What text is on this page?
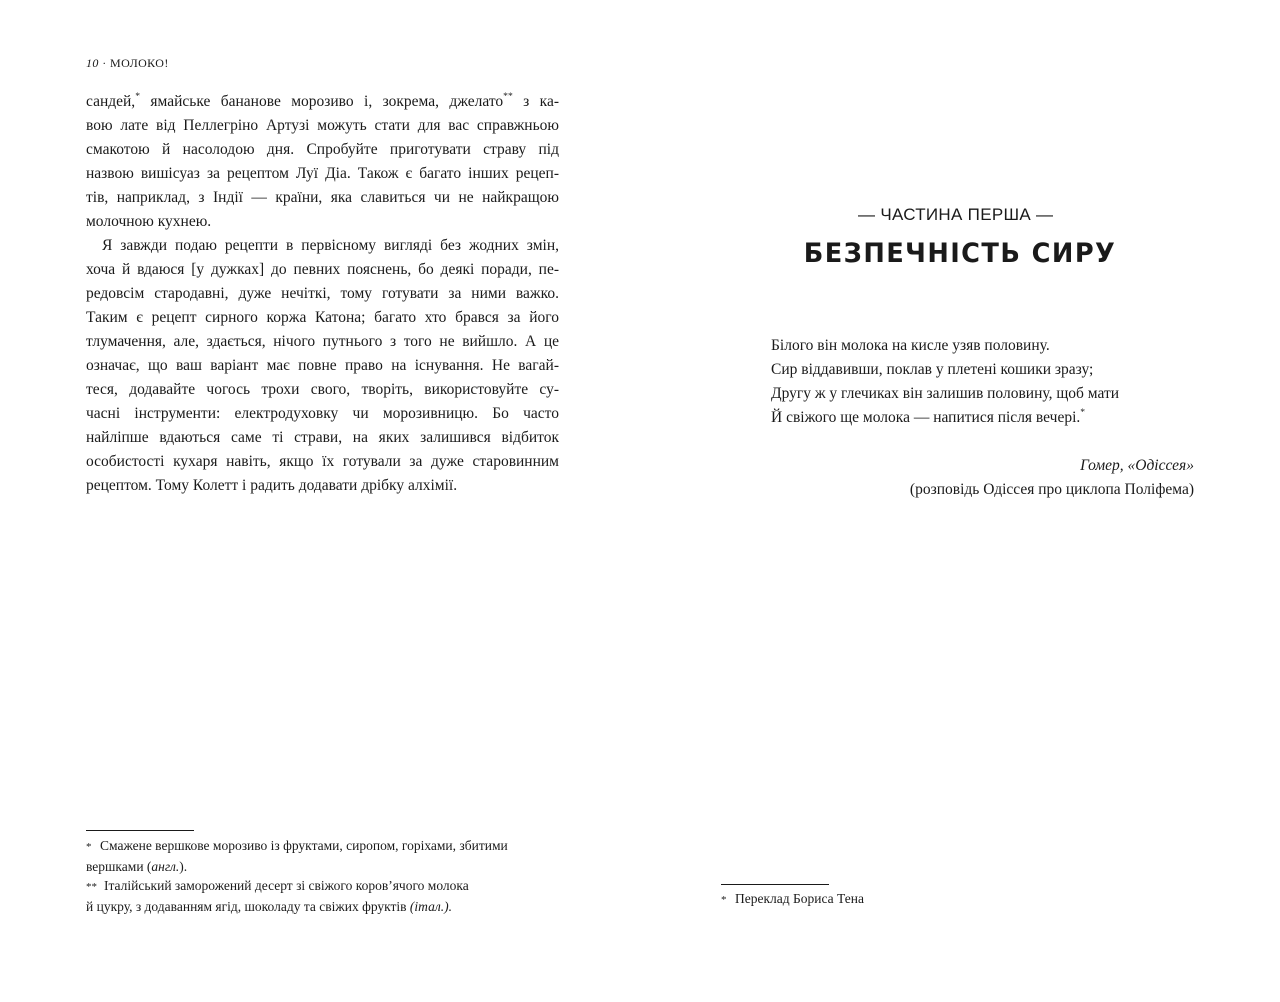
10 · МОЛОКО!
сандей,* ямайське бананове морозиво і, зокрема, джелато** з ка-
вою лате від Пеллегріно Артузі можуть стати для вас справжньою
смакотою й насолодою дня. Спробуйте приготувати страву під
назвою вишісуаз за рецептом Луї Діа. Також є багато інших рецеп-
тів, наприклад, з Індії — країни, яка славиться чи не найкращою
молочною кухнею.
Я завжди подаю рецепти в первісному вигляді без жодних змін,
хоча й вдаюся [у дужках] до певних пояснень, бо деякі поради, пе-
редовсім стародавні, дуже нечіткі, тому готувати за ними важко.
Таким є рецепт сирного коржа Катона; багато хто брався за його
тлумачення, але, здається, нічого путнього з того не вийшло. А це
означає, що ваш варіант має повне право на існування. Не вагай-
теся, додавайте чогось трохи свого, творіть, використовуйте су-
часні інструменти: електродуховку чи морозивницю. Бо часто
найліпше вдаються саме ті страви, на яких залишився відбиток
особистості кухаря навіть, якщо їх готували за дуже старовинним
рецептом. Тому Колетт і радить додавати дрібку алхімії.
* Смажене вершкове морозиво із фруктами, сиропом, горіхами, збитими
вершками (англ.).
** Італійський заморожений десерт зі свіжого коров’ячого молока
й цукру, з додаванням ягід, шоколаду та свіжих фруктів (італ.).
— ЧАСТИНА ПЕРША —
БЕЗПЕЧНІСТЬ СИРУ
Білого він молока на кисле узяв половину.
Сир віддавивши, поклав у плетені кошики зразу;
Другу ж у глечиках він залишив половину, щоб мати
Й свіжого ще молока — напитися після вечері.*
Гомер, «Одіссея»
(розповідь Одіссея про циклопа Поліфема)
* Переклад Бориса Тена
